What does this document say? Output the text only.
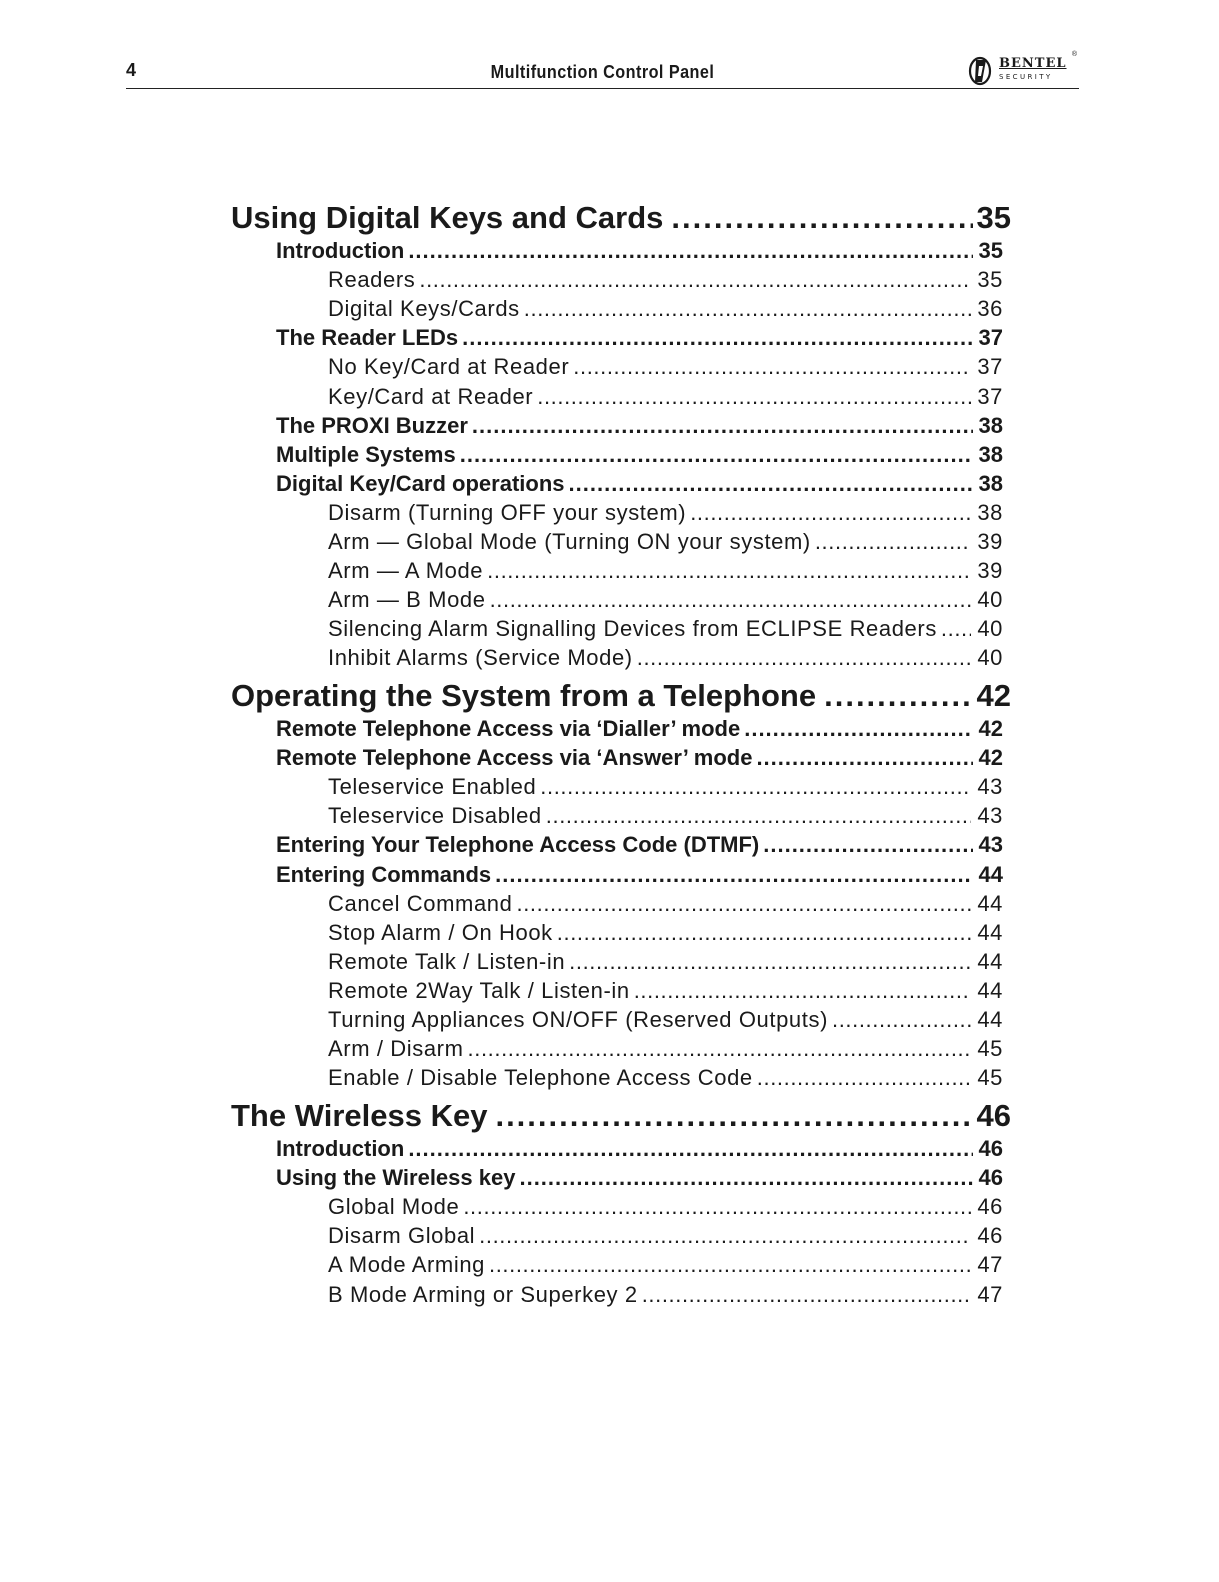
4	Multifunction Control Panel	BENTEL
SECURITY
®
Using Digital Keys and Cards .....	35
Introduction .....	35
Readers .....	35
Digital Keys/Cards .....	36
The Reader LEDs .....	37
No Key/Card at Reader .....	37
Key/Card at Reader .....	37
The PROXI Buzzer .....	38
Multiple Systems .....	38
Digital Key/Card operations .....	38
Disarm (Turning OFF your system) .....	38
Arm — Global Mode (Turning ON your system) .....	39
Arm — A Mode .....	39
Arm — B Mode .....	40
Silencing Alarm Signalling Devices from ECLIPSE Readers ..... 40
Inhibit Alarms (Service Mode) .....	40
Operating the System from a Telephone .....	42
Remote Telephone Access via ‘Dialler’ mode .....	42
Remote Telephone Access via ‘Answer’ mode .....	42
Teleservice Enabled .....	43
Teleservice Disabled .....	43
Entering Your Telephone Access Code (DTMF) .....	43
Entering Commands .....	44
Cancel Command .....	44
Stop Alarm / On Hook .....	44
Remote Talk / Listen-in .....	44
Remote 2Way Talk / Listen-in .....	44
Turning Appliances ON/OFF (Reserved Outputs) .....	44
Arm / Disarm .....	45
Enable / Disable Telephone Access Code .....	45
The Wireless Key .....	46
Introduction .....	46
Using the Wireless key .....	46
Global Mode .....	46
Disarm Global .....	46
A Mode Arming .....	47
B Mode Arming or Superkey 2 .....	47
